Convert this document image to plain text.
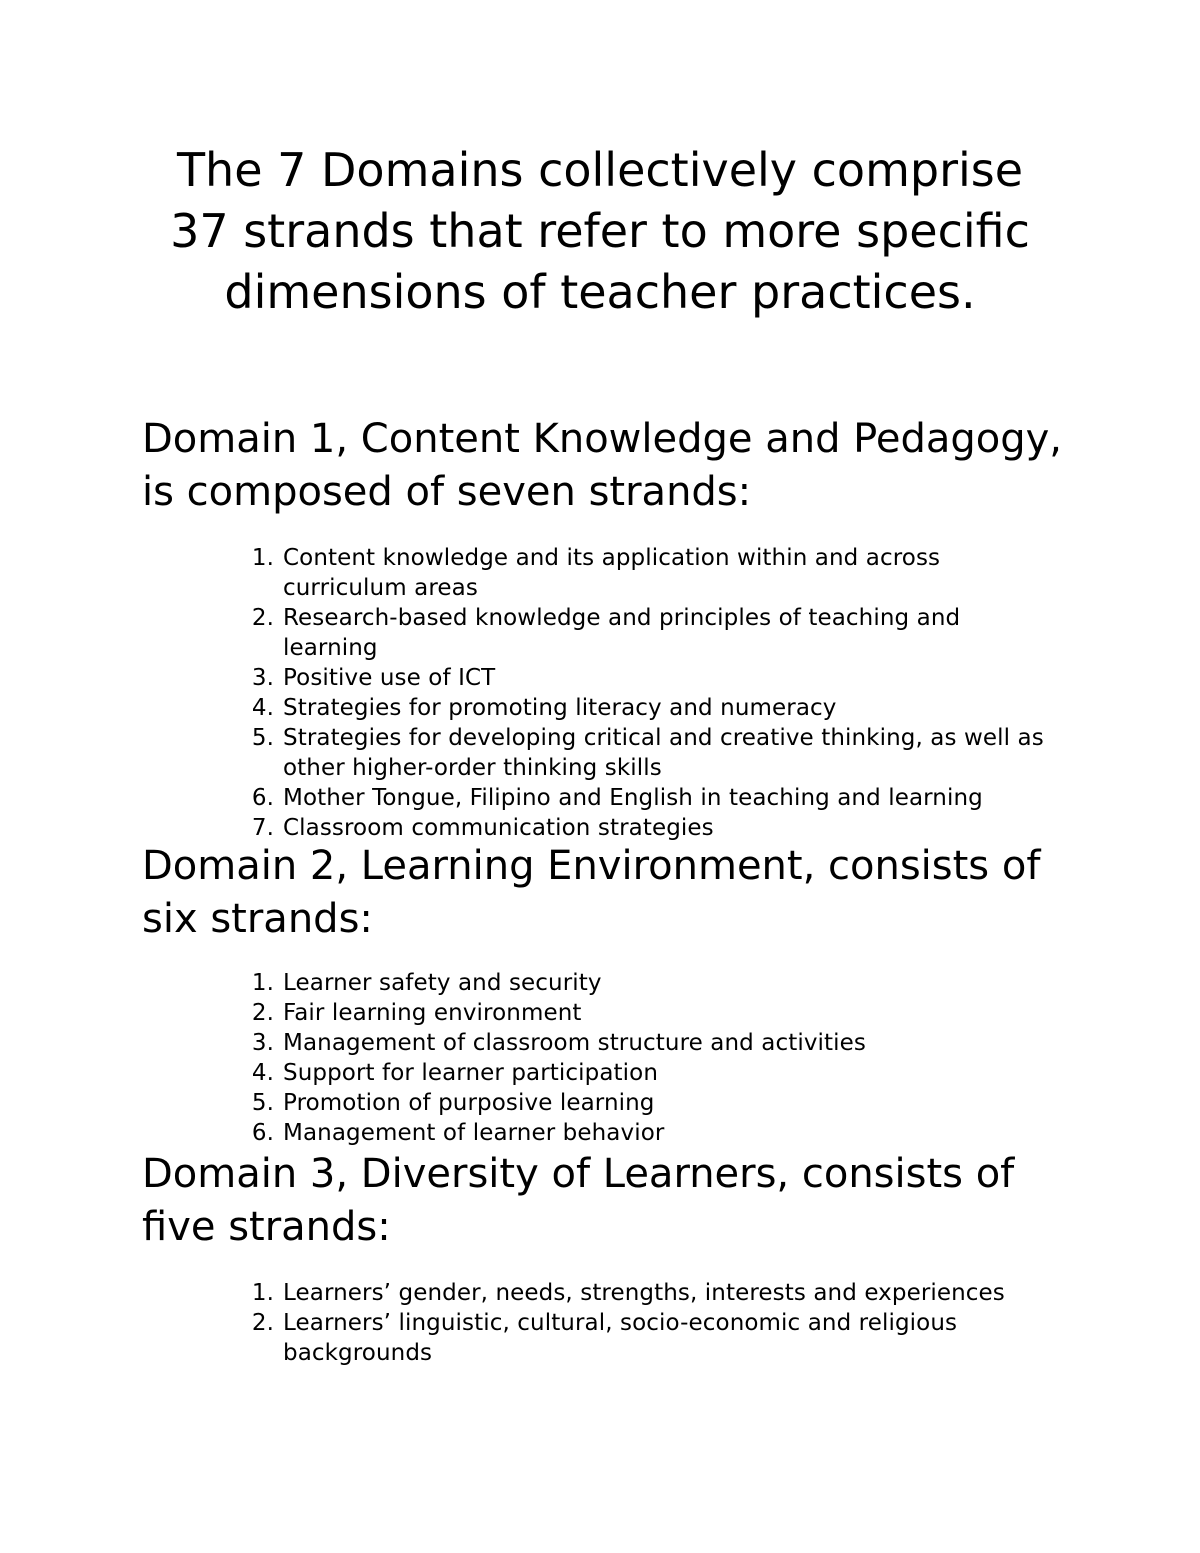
The 7 Domains collectively comprise 37 strands that refer to more specific dimensions of teacher practices.
Domain 1, Content Knowledge and Pedagogy, is composed of seven strands:
1. Content knowledge and its application within and across curriculum areas
2. Research-based knowledge and principles of teaching and learning
3. Positive use of ICT
4. Strategies for promoting literacy and numeracy
5. Strategies for developing critical and creative thinking, as well as other higher-order thinking skills
6. Mother Tongue, Filipino and English in teaching and learning
7. Classroom communication strategies
Domain 2, Learning Environment, consists of six strands:
1. Learner safety and security
2. Fair learning environment
3. Management of classroom structure and activities
4. Support for learner participation
5. Promotion of purposive learning
6. Management of learner behavior
Domain 3, Diversity of Learners, consists of five strands:
1. Learners’ gender, needs, strengths, interests and experiences
2. Learners’ linguistic, cultural, socio-economic and religious backgrounds
